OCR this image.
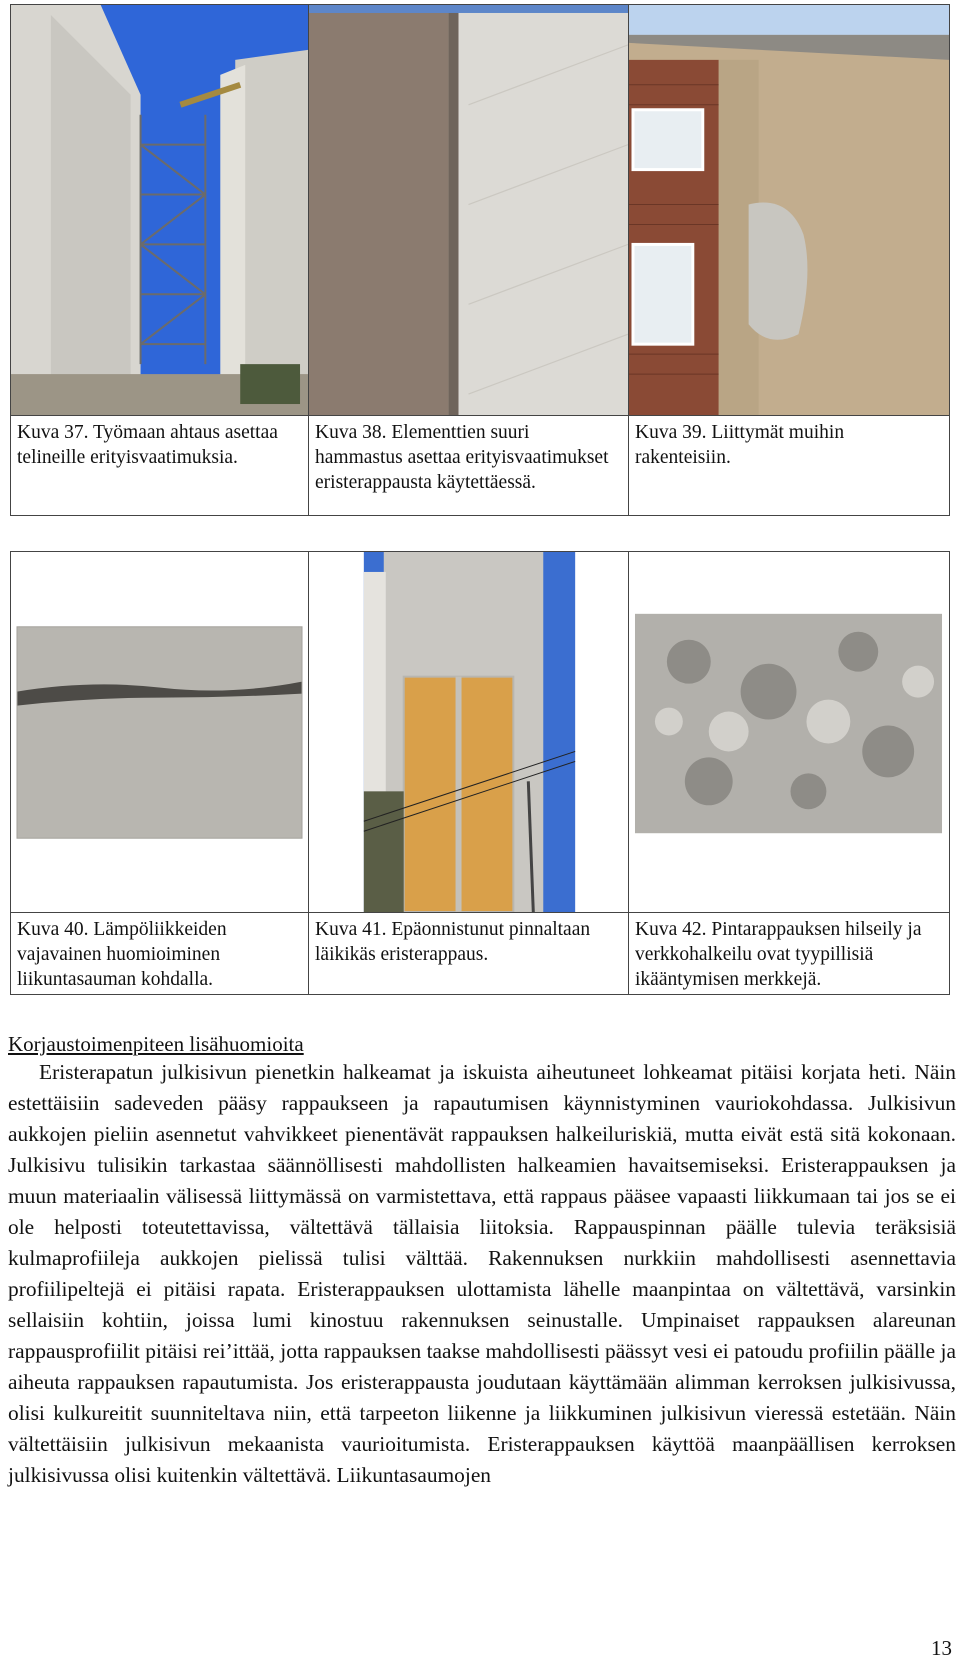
Kuva 37. Työmaan ahtaus asettaa telineille erityisvaatimuksia.	Kuva 38. Elementtien suuri hammastus asettaa erityisvaatimukset eristerappausta käytettäessä.	Kuva 39. Liittymät muihin rakenteisiin.

Kuva 40. Lämpöliikkeiden vajavainen huomioiminen liikuntasauman kohdalla.	Kuva 41. Epäonnistunut pinnaltaan läikikäs eristerappaus.	Kuva 42. Pintarappauksen hilseily ja verkkohalkeilu ovat tyypillisiä ikääntymisen merkkejä.
Korjaustoimenpiteen lisähuomioita

Eristerapatun julkisivun pienetkin halkeamat ja iskuista aiheutuneet lohkeamat pitäisi korjata heti. Näin estettäisiin sadeveden pääsy rappaukseen ja rapautumisen käynnistyminen vauriokohdassa. Julkisivun aukkojen pieliin asennetut vahvikkeet pienentävät rappauksen halkeiluriskiä, mutta eivät estä sitä kokonaan. Julkisivu tulisikin tarkastaa säännöllisesti mahdollisten halkeamien havaitsemiseksi. Eristerappauksen ja muun materiaalin välisessä liittymässä on varmistettava, että rappaus pääsee vapaasti liikkumaan tai jos se ei ole helposti toteutettavissa, vältettävä tällaisia liitoksia. Rappauspinnan päälle tulevia teräksisiä kulmaprofiileja aukkojen pielissä tulisi välttää. Rakennuksen nurkkiin mahdollisesti asennettavia profiilipeltejä ei pitäisi rapata. Eristerappauksen ulottamista lähelle maanpintaa on vältettävä, varsinkin sellaisiin kohtiin, joissa lumi kinostuu rakennuksen seinustalle. Umpinaiset rappauksen alareunan rappausprofiilit pitäisi rei’ittää, jotta rappauksen taakse mahdollisesti päässyt vesi ei patoudu profiilin päälle ja aiheuta rappauksen rapautumista. Jos eristerappausta joudutaan käyttämään alimman kerroksen julkisivussa, olisi kulkureitit suunniteltava niin, että tarpeeton liikenne ja liikkuminen julkisivun vieressä estetään. Näin vältettäisiin julkisivun mekaanista vaurioitumista. Eristerappauksen käyttöä maanpäällisen kerroksen julkisivussa olisi kuitenkin vältettävä. Liikuntasaumojen

13
